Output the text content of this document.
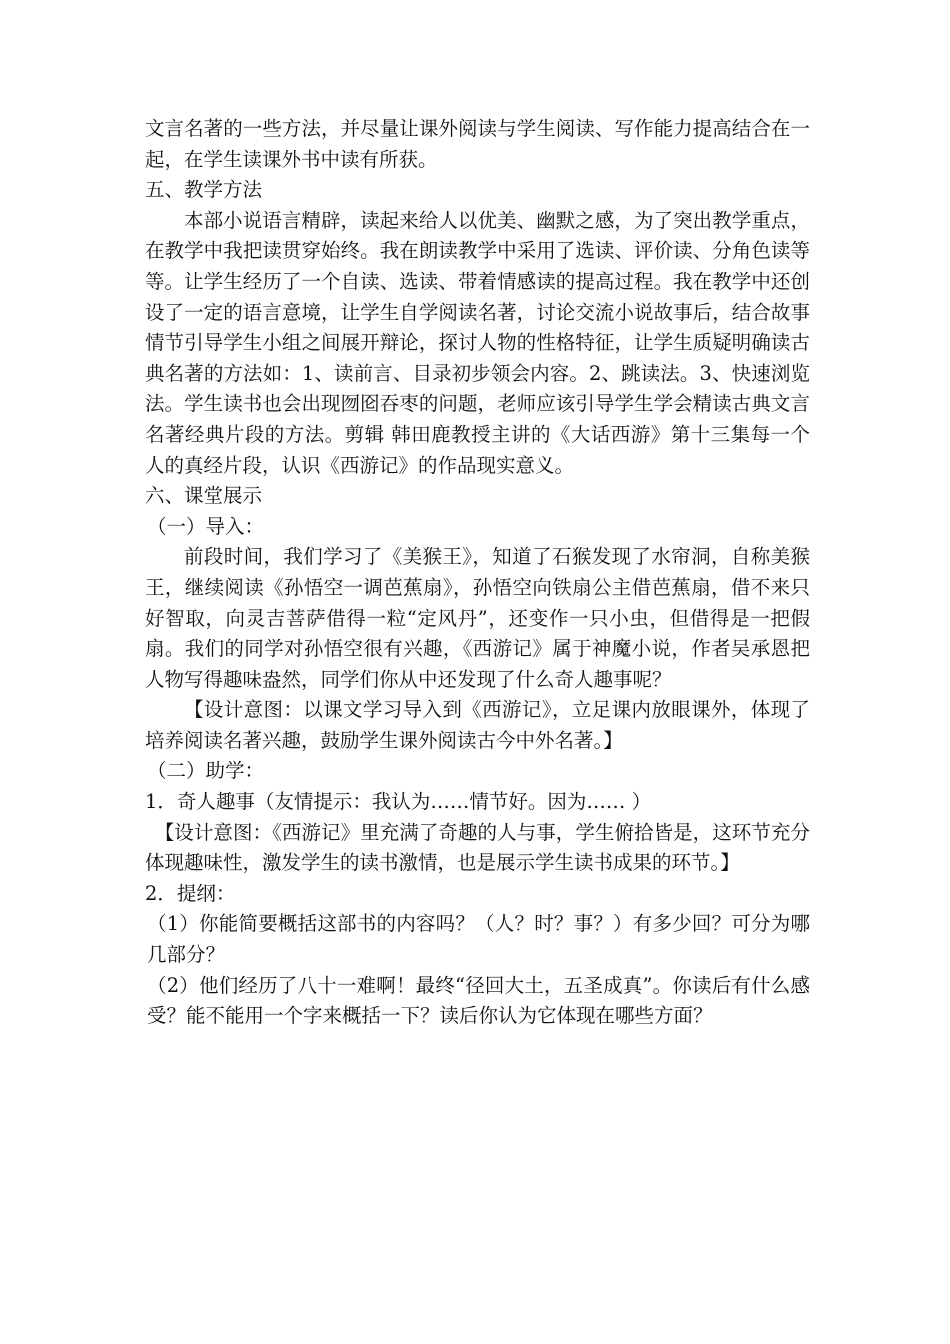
文言名著的一些方法，并尽量让课外阅读与学生阅读、写作能力提高结合在一起，在学生读课外书中读有所获。

五、教学方法

本部小说语言精辟，读起来给人以优美、幽默之感，为了突出教学重点，在教学中我把读贯穿始终。我在朗读教学中采用了选读、评价读、分角色读等等。让学生经历了一个自读、选读、带着情感读的提高过程。我在教学中还创设了一定的语言意境，让学生自学阅读名著，讨论交流小说故事后，结合故事情节引导学生小组之间展开辩论，探讨人物的性格特征，让学生质疑明确读古典名著的方法如：1、读前言、目录初步领会内容。2、跳读法。3、快速浏览法。学生读书也会出现囫囵吞枣的问题，老师应该引导学生学会精读古典文言名著经典片段的方法。剪辑 韩田鹿教授主讲的《大话西游》第十三集每一个人的真经片段，认识《西游记》的作品现实意义。

六、课堂展示

（一）导入：

前段时间，我们学习了《美猴王》，知道了石猴发现了水帘洞，自称美猴王，继续阅读《孙悟空一调芭蕉扇》，孙悟空向铁扇公主借芭蕉扇，借不来只好智取，向灵吉菩萨借得一粒“定风丹”，还变作一只小虫，但借得是一把假扇。我们的同学对孙悟空很有兴趣，《西游记》属于神魔小说，作者吴承恩把人物写得趣味盎然，同学们你从中还发现了什么奇人趣事呢？

【设计意图：以课文学习导入到《西游记》，立足课内放眼课外，体现了培养阅读名著兴趣，鼓励学生课外阅读古今中外名著。】

（二）助学：

1．奇人趣事（友情提示：我认为……情节好。因为…… ）

【设计意图：《西游记》里充满了奇趣的人与事，学生俯拾皆是，这环节充分体现趣味性，激发学生的读书激情，也是展示学生读书成果的环节。】

2．提纲：

（1）你能简要概括这部书的内容吗？（人？时？事？）有多少回？可分为哪几部分？

（2）他们经历了八十一难啊！最终“径回大土，五圣成真”。你读后有什么感受？能不能用一个字来概括一下？读后你认为它体现在哪些方面？
